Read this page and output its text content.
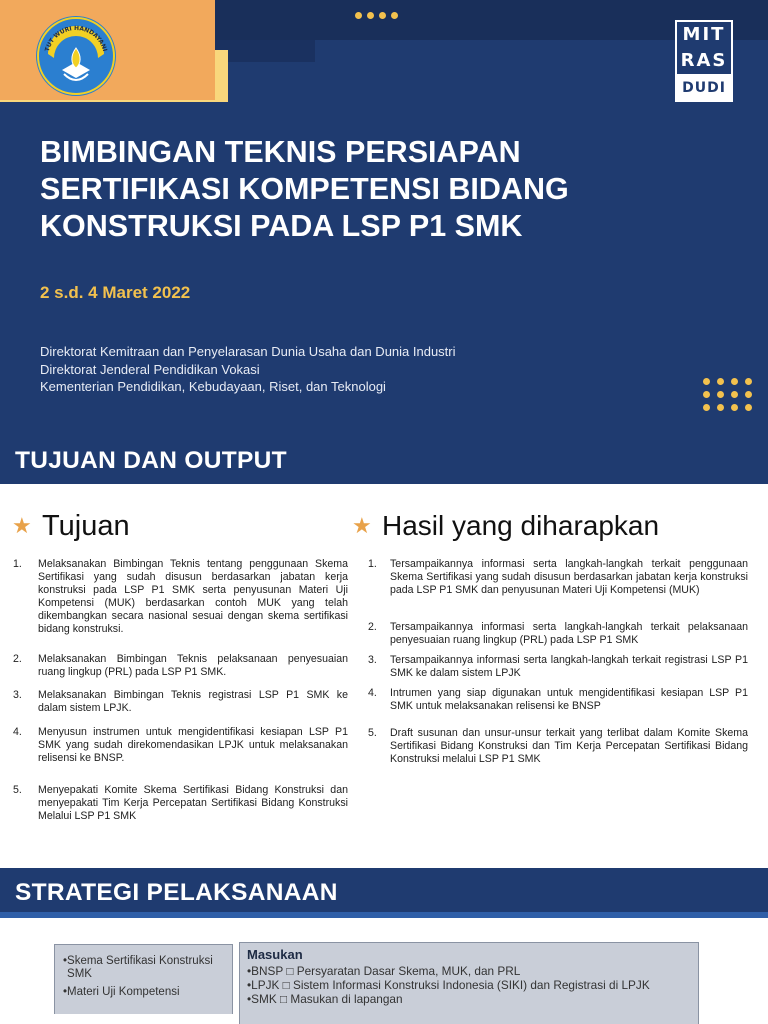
TUT WURI HANDAYANI
MIT
RAS
DUDI
BIMBINGAN TEKNIS PERSIAPAN SERTIFIKASI KOMPETENSI BIDANG KONSTRUKSI PADA LSP P1 SMK
2 s.d. 4 Maret 2022
Direktorat Kemitraan dan Penyelarasan Dunia Usaha dan Dunia Industri
Direktorat Jenderal Pendidikan Vokasi
Kementerian Pendidikan, Kebudayaan, Riset, dan Teknologi
TUJUAN DAN OUTPUT
★ Tujuan
1.	Melaksanakan Bimbingan Teknis tentang penggunaan Skema Sertifikasi yang sudah disusun berdasarkan jabatan kerja konstruksi pada LSP P1 SMK serta penyusunan Materi Uji Kompetensi (MUK) berdasarkan contoh MUK yang telah dikembangkan secara nasional sesuai dengan skema sertifikasi bidang konstruksi.
2.	Melaksanakan Bimbingan Teknis pelaksanaan penyesuaian ruang lingkup (PRL) pada LSP P1 SMK.
3.	Melaksanakan Bimbingan Teknis registrasi LSP P1 SMK ke dalam sistem LPJK.
4.	Menyusun instrumen untuk mengidentifikasi kesiapan LSP P1 SMK yang sudah direkomendasikan LPJK untuk melaksanakan relisensi ke BNSP.
5.	Menyepakati Komite Skema Sertifikasi Bidang Konstruksi dan menyepakati Tim Kerja Percepatan Sertifikasi Bidang Konstruksi Melalui LSP P1 SMK
★ Hasil yang diharapkan
1.	Tersampaikannya informasi serta langkah-langkah terkait penggunaan Skema Sertifikasi yang sudah disusun berdasarkan jabatan kerja konstruksi pada LSP P1 SMK dan penyusunan Materi Uji Kompetensi (MUK)
2.	Tersampaikannya informasi serta langkah-langkah terkait pelaksanaan penyesuaian ruang lingkup (PRL) pada LSP P1 SMK
3.	Tersampaikannya informasi serta langkah-langkah terkait registrasi LSP P1 SMK ke dalam sistem LPJK
4.	Intrumen yang siap digunakan untuk mengidentifikasi kesiapan LSP P1 SMK untuk melaksanakan relisensi ke BNSP
5.	Draft susunan dan unsur-unsur terkait yang terlibat dalam Komite Skema Sertifikasi Bidang Konstruksi dan Tim Kerja Percepatan Sertifikasi Bidang Konstruksi melalui LSP P1 SMK
STRATEGI PELAKSANAAN
• Skema Sertifikasi Konstruksi SMK
• Materi Uji Kompetensi
Masukan
• BNSP □ Persyaratan Dasar Skema, MUK, dan PRL
• LPJK □ Sistem Informasi Konstruksi Indonesia (SIKI) dan Registrasi di LPJK
• SMK □ Masukan di lapangan
